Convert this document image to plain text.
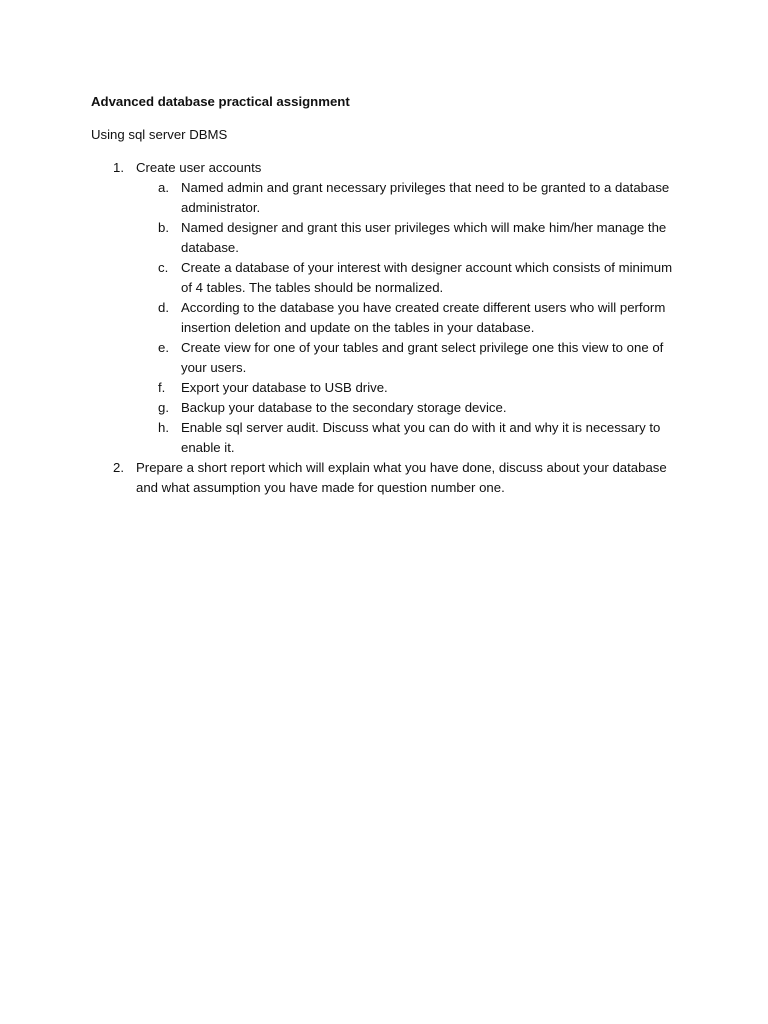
Advanced database practical assignment
Using sql server DBMS
1. Create user accounts
a. Named admin and grant necessary privileges that need to be granted to a database administrator.
b. Named designer and grant this user privileges which will make him/her manage the database.
c. Create a database of your interest with designer account which consists of minimum of 4 tables. The tables should be normalized.
d. According to the database you have created create different users who will perform insertion deletion and update on the tables in your database.
e. Create view for one of your tables and grant select privilege one this view to one of your users.
f.	Export your database to USB drive.
g. Backup your database to the secondary storage device.
h. Enable sql server audit. Discuss what you can do with it and why it is necessary to enable it.
2. Prepare a short report which will explain what you have done, discuss about your database and what assumption you have made for question number one.
